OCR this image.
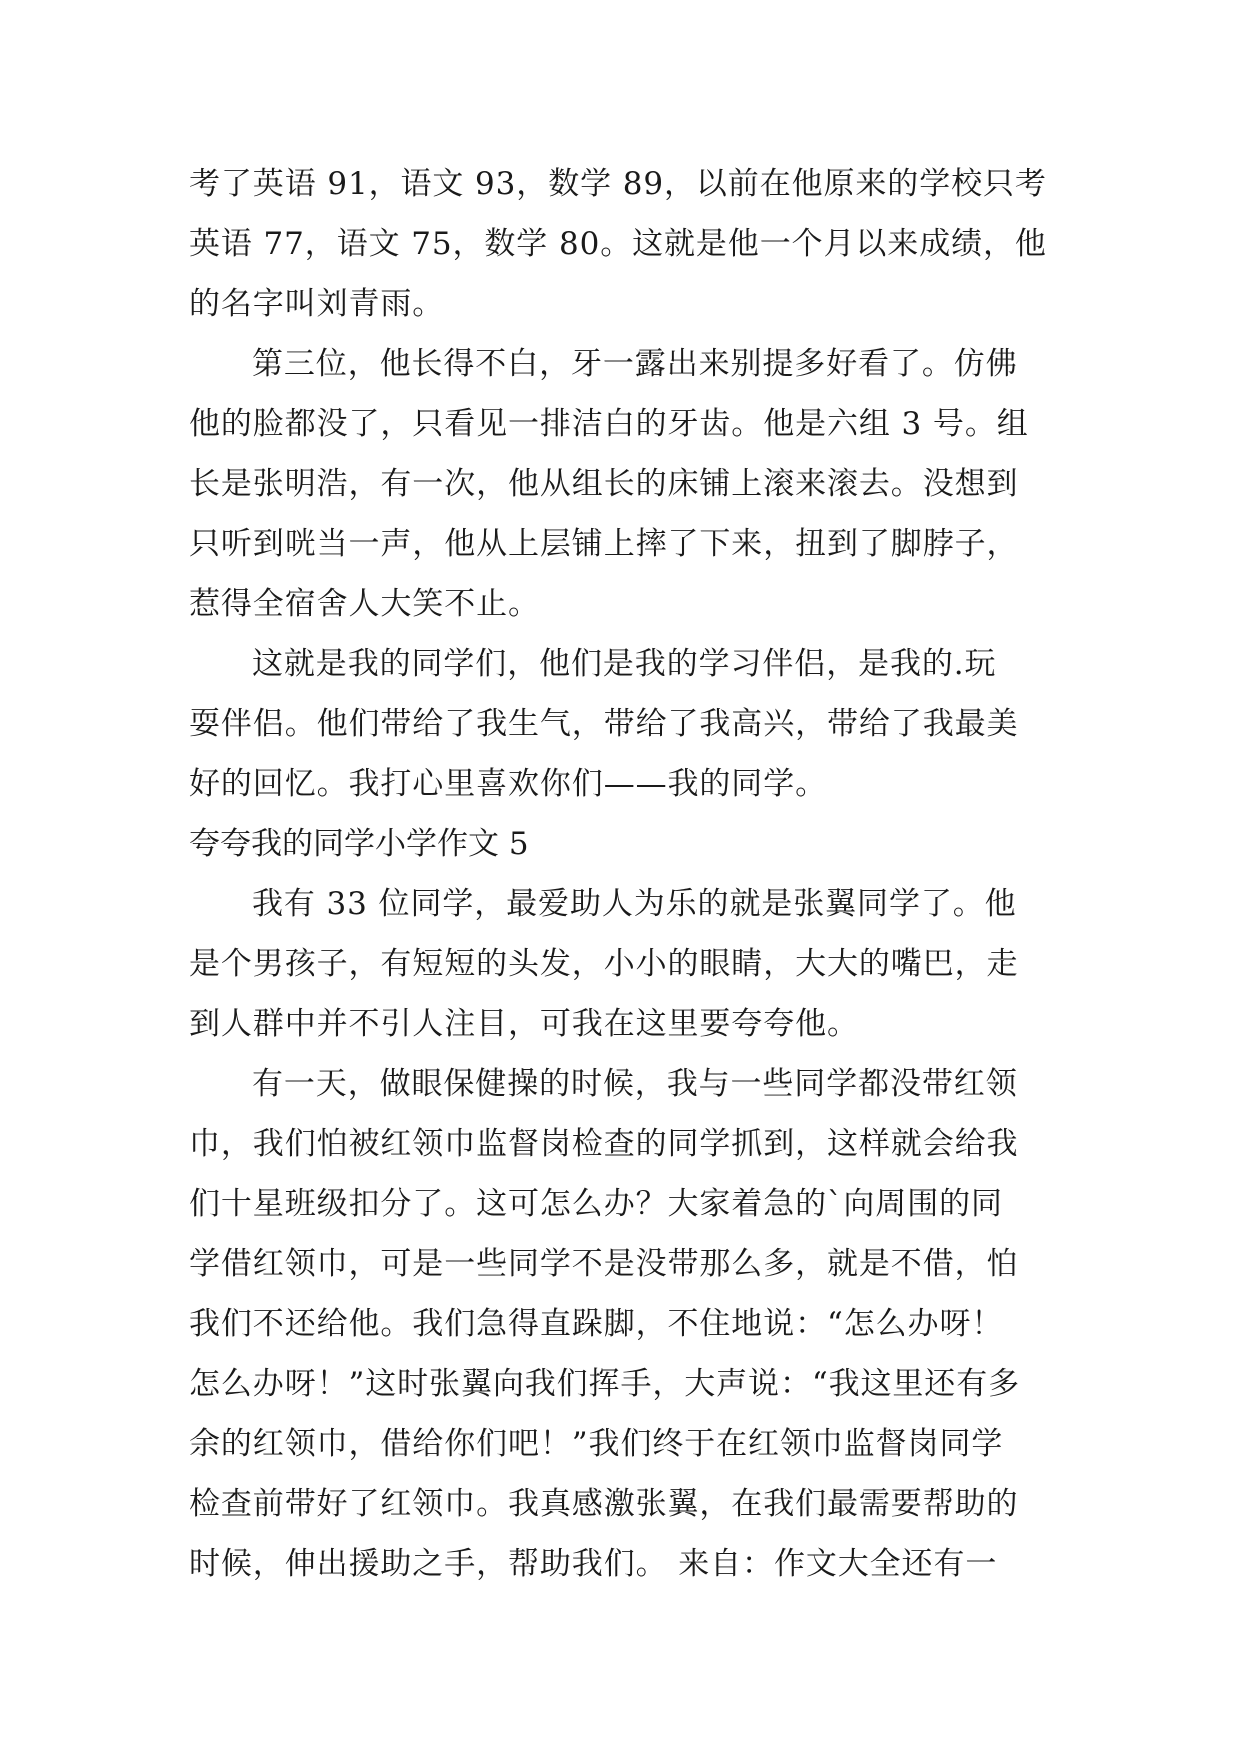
考了英语 91，语文 93，数学 89，以前在他原来的学校只考
英语 77，语文 75，数学 80。这就是他一个月以来成绩，他
的名字叫刘青雨。
第三位，他长得不白，牙一露出来别提多好看了。仿佛
他的脸都没了，只看见一排洁白的牙齿。他是六组 3 号。组
长是张明浩，有一次，他从组长的床铺上滚来滚去。没想到
只听到咣当一声，他从上层铺上摔了下来，扭到了脚脖子，
惹得全宿舍人大笑不止。
这就是我的同学们，他们是我的学习伴侣，是我的.玩
耍伴侣。他们带给了我生气，带给了我高兴，带给了我最美
好的回忆。我打心里喜欢你们——我的同学。
夸夸我的同学小学作文 5
我有 33 位同学，最爱助人为乐的就是张翼同学了。他
是个男孩子，有短短的头发，小小的眼睛，大大的嘴巴，走
到人群中并不引人注目，可我在这里要夸夸他。
有一天，做眼保健操的时候，我与一些同学都没带红领
巾，我们怕被红领巾监督岗检查的同学抓到，这样就会给我
们十星班级扣分了。这可怎么办？大家着急的`向周围的同
学借红领巾，可是一些同学不是没带那么多，就是不借，怕
我们不还给他。我们急得直跺脚，不住地说：“怎么办呀！
怎么办呀！”这时张翼向我们挥手，大声说：“我这里还有多
余的红领巾，借给你们吧！”我们终于在红领巾监督岗同学
检查前带好了红领巾。我真感激张翼，在我们最需要帮助的
时候，伸出援助之手，帮助我们。 来自：作文大全还有一
